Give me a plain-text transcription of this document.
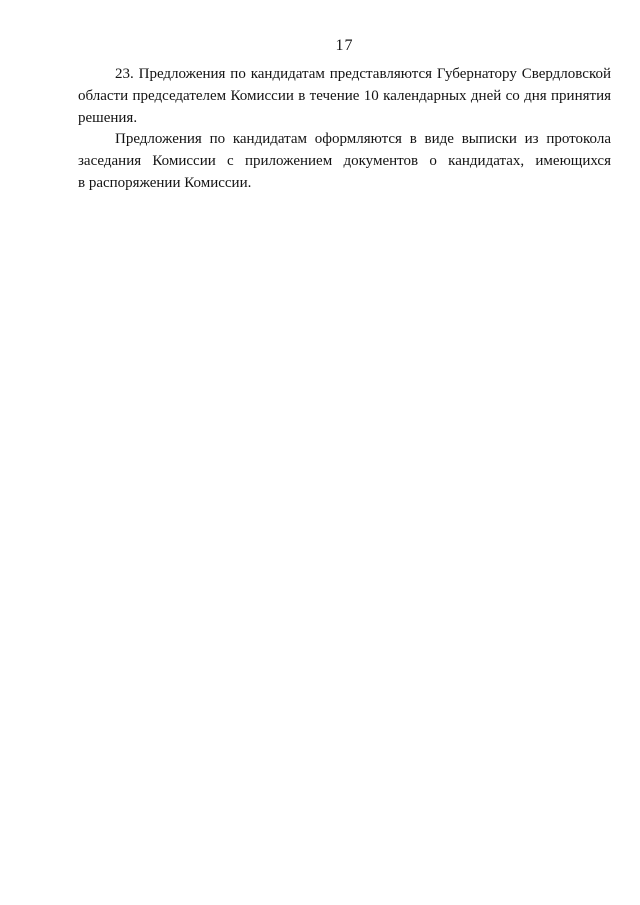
17
23. Предложения по кандидатам представляются Губернатору Свердловской
области председателем Комиссии в течение 10 календарных дней со дня принятия
решения.
Предложения по кандидатам оформляются в виде выписки из протокола
заседания Комиссии с приложением документов о кандидатах, имеющихся
в распоряжении Комиссии.
